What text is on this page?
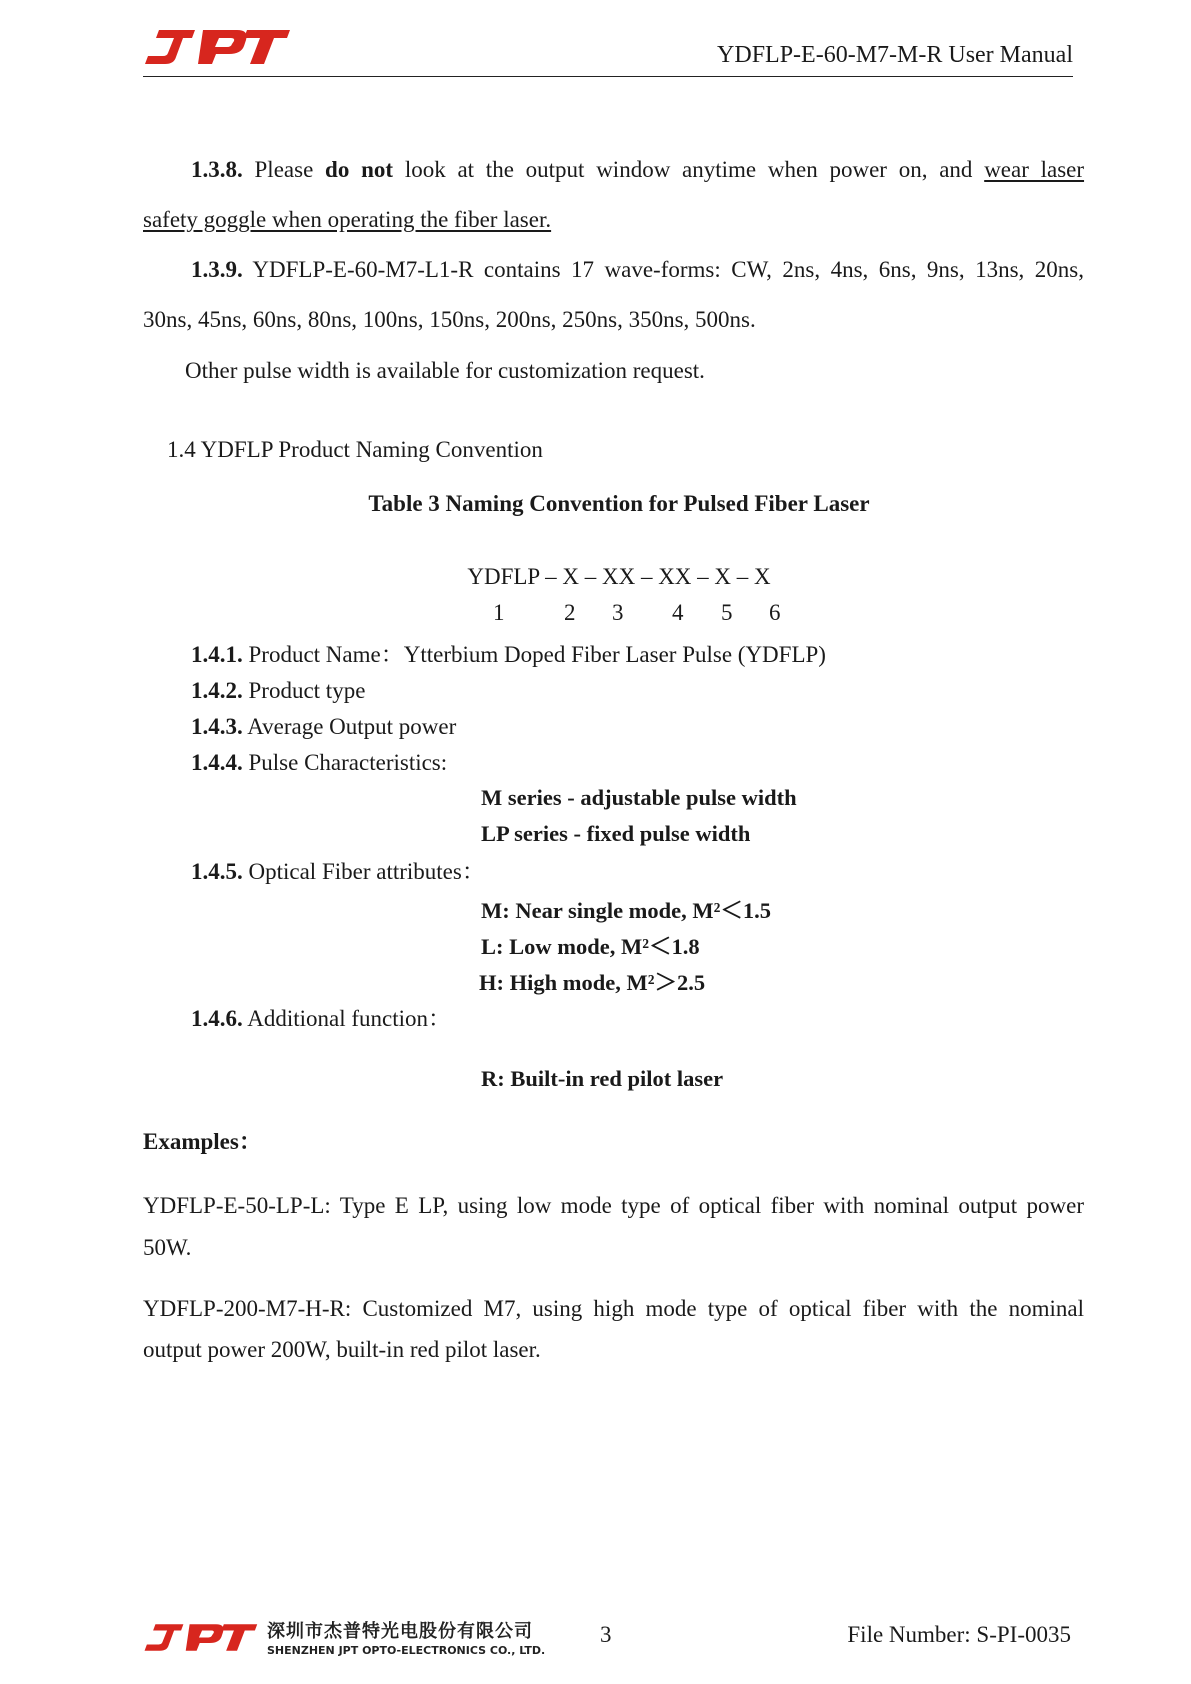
YDFLP-E-60-M7-M-R User Manual
1.3.8. Please do not look at the output window anytime when power on, and wear laser
safety goggle when operating the fiber laser.
1.3.9. YDFLP-E-60-M7-L1-R contains 17 wave-forms: CW, 2ns, 4ns, 6ns, 9ns, 13ns, 20ns,
30ns, 45ns, 60ns, 80ns, 100ns, 150ns, 200ns, 250ns, 350ns, 500ns.
Other pulse width is available for customization request.
1.4 YDFLP Product Naming Convention
Table 3 Naming Convention for Pulsed Fiber Laser
YDFLP – X – XX – XX – X – X
1	2 3 4 5 6
1.4.1. Product Name：Ytterbium Doped Fiber Laser Pulse (YDFLP)
1.4.2. Product type
1.4.3. Average Output power
1.4.4. Pulse Characteristics:
M series - adjustable pulse width
LP series - fixed pulse width
1.4.5. Optical Fiber attributes：
M: Near single mode, M²＜1.5
L: Low mode, M²＜1.8
H: High mode, M²＞2.5
1.4.6. Additional function：
R: Built-in red pilot laser
Examples：
YDFLP-E-50-LP-L: Type E LP, using low mode type of optical fiber with nominal output power
50W.
YDFLP-200-M7-H-R: Customized M7, using high mode type of optical fiber with the nominal
output power 200W, built-in red pilot laser.
深圳市杰普特光电股份有限公司
SHENZHEN JPT OPTO-ELECTRONICS CO., LTD.
3	File Number: S-PI-0035
